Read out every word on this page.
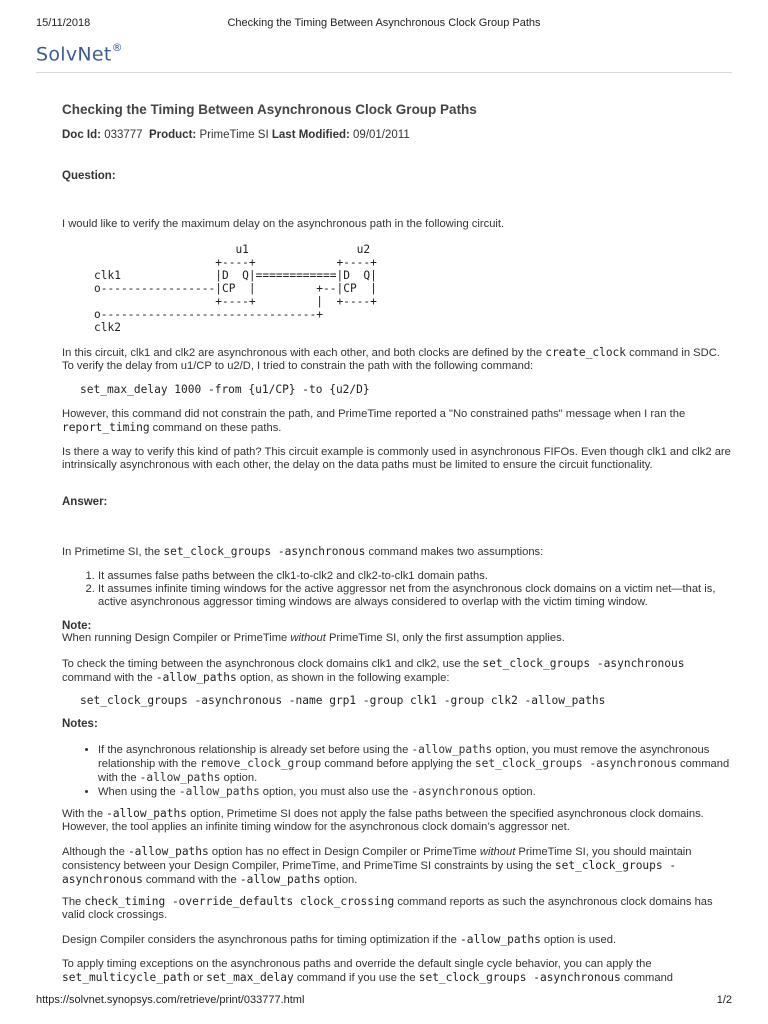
15/11/2018	Checking the Timing Between Asynchronous Clock Group Paths
SolvNet®
Checking the Timing Between Asynchronous Clock Group Paths
Doc Id: 033777 Product: PrimeTime SI Last Modified: 09/01/2011
Question:
I would like to verify the maximum delay on the asynchronous path in the following circuit.
u1                u2
+----+            +----+
clk1              |D  Q|============|D  Q|
o-----------------|CP  |         +--|CP  |
+----+         |  +----+
o--------------------------------+
clk2
In this circuit, clk1 and clk2 are asynchronous with each other, and both clocks are defined by the create_clock command in SDC. To verify the delay from u1/CP to u2/D, I tried to constrain the path with the following command:
set_max_delay 1000 -from {u1/CP} -to {u2/D}
However, this command did not constrain the path, and PrimeTime reported a "No constrained paths" message when I ran the report_timing command on these paths.
Is there a way to verify this kind of path? This circuit example is commonly used in asynchronous FIFOs. Even though clk1 and clk2 are intrinsically asynchronous with each other, the delay on the data paths must be limited to ensure the circuit functionality.
Answer:
In Primetime SI, the set_clock_groups -asynchronous command makes two assumptions:
1. It assumes false paths between the clk1-to-clk2 and clk2-to-clk1 domain paths.
2. It assumes infinite timing windows for the active aggressor net from the asynchronous clock domains on a victim net—that is, active asynchronous aggressor timing windows are always considered to overlap with the victim timing window.
Note:
When running Design Compiler or PrimeTime without PrimeTime SI, only the first assumption applies.
To check the timing between the asynchronous clock domains clk1 and clk2, use the set_clock_groups -asynchronous command with the -allow_paths option, as shown in the following example:
set_clock_groups -asynchronous -name grp1 -group clk1 -group clk2 -allow_paths
Notes:
• If the asynchronous relationship is already set before using the -allow_paths option, you must remove the asynchronous relationship with the remove_clock_group command before applying the set_clock_groups -asynchronous command with the -allow_paths option.
• When using the -allow_paths option, you must also use the -asynchronous option.
With the -allow_paths option, Primetime SI does not apply the false paths between the specified asynchronous clock domains. However, the tool applies an infinite timing window for the asynchronous clock domain’s aggressor net.
Although the -allow_paths option has no effect in Design Compiler or PrimeTime without PrimeTime SI, you should maintain consistency between your Design Compiler, PrimeTime, and PrimeTime SI constraints by using the set_clock_groups -asynchronous command with the -allow_paths option.
The check_timing -override_defaults clock_crossing command reports as such the asynchronous clock domains has valid clock crossings.
Design Compiler considers the asynchronous paths for timing optimization if the -allow_paths option is used.
To apply timing exceptions on the asynchronous paths and override the default single cycle behavior, you can apply the set_multicycle_path or set_max_delay command if you use the set_clock_groups -asynchronous command
https://solvnet.synopsys.com/retrieve/print/033777.html	1/2
